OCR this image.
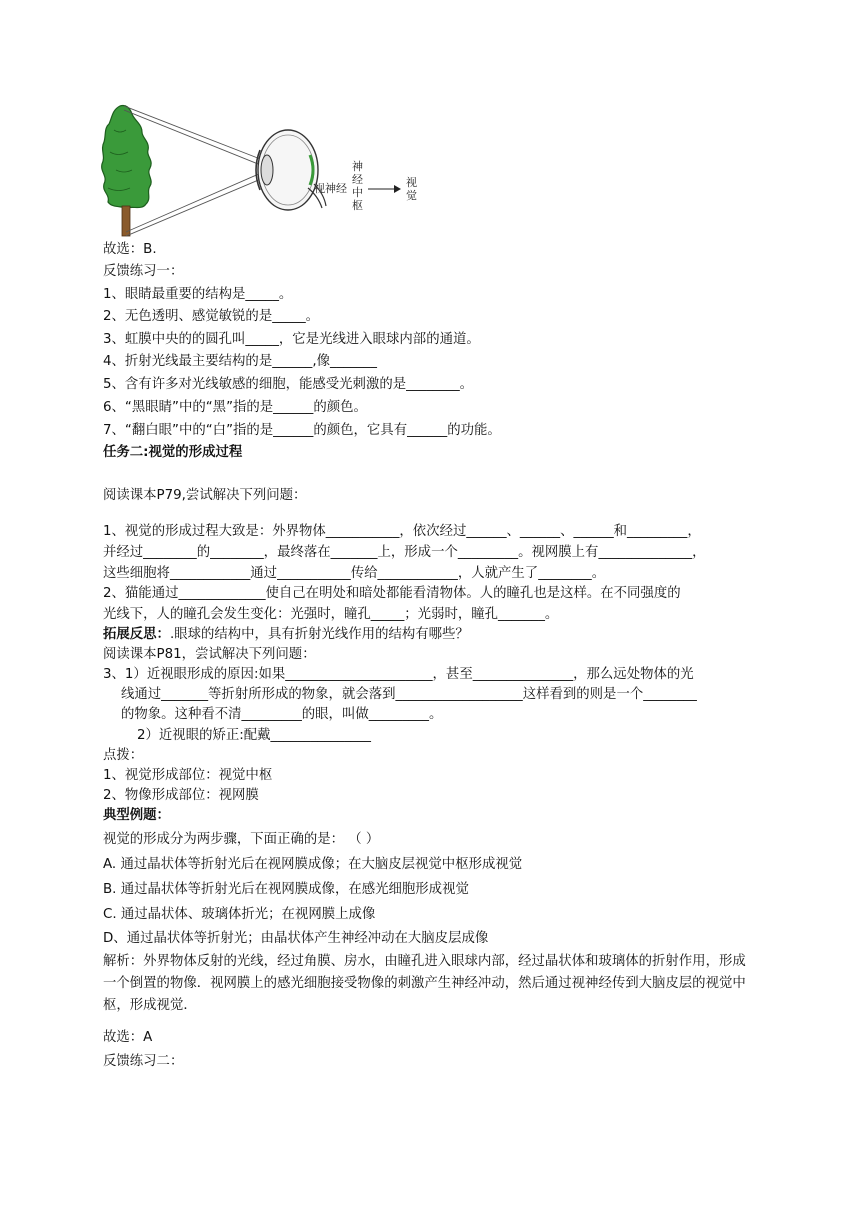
视神经
神
经
中
枢
视
觉
故选：B.
反馈练习一：
1、眼睛最重要的结构是_____。
2、无色透明、感觉敏锐的是_____。
3、虹膜中央的的圆孔叫_____，它是光线进入眼球内部的通道。
4、折射光线最主要结构的是______,像_______
5、含有许多对光线敏感的细胞，能感受光刺激的是________。
6、“黑眼睛”中的“黑”指的是______的颜色。
7、“翻白眼”中的“白”指的是______的颜色，它具有______的功能。
任务二:视觉的形成过程
阅读课本P79,尝试解决下列问题：
1、视觉的形成过程大致是：外界物体___________，依次经过______、______、______和_________，
并经过________的________，最终落在_______上，形成一个_________。视网膜上有______________，
这些细胞将____________通过___________传给____________，人就产生了________。
2、猫能通过_____________使自己在明处和暗处都能看清物体。人的瞳孔也是这样。在不同强度的
光线下，人的瞳孔会发生变化：光强时，瞳孔_____；光弱时，瞳孔_______。
拓展反思：.眼球的结构中，具有折射光线作用的结构有哪些？
阅读课本P81，尝试解决下列问题：
3、1）近视眼形成的原因:如果______________________，甚至_______________，那么远处物体的光
线通过_______等折射所形成的物象，就会落到___________________这样看到的则是一个________
的物象。这种看不清_________的眼，叫做_________。
2）近视眼的矫正:配戴_______________
点拨：
1、视觉形成部位：视觉中枢
2、物像形成部位：视网膜
典型例题：
视觉的形成分为两步骤，下面正确的是： （ ）
A. 通过晶状体等折射光后在视网膜成像；在大脑皮层视觉中枢形成视觉
B. 通过晶状体等折射光后在视网膜成像，在感光细胞形成视觉
C. 通过晶状体、玻璃体折光；在视网膜上成像
D、通过晶状体等折射光；由晶状体产生神经冲动在大脑皮层成像
解析：外界物体反射的光线，经过角膜、房水，由瞳孔进入眼球内部，经过晶状体和玻璃体的折射作用，形成一个倒置的物像．视网膜上的感光细胞接受物像的刺激产生神经冲动，然后通过视神经传到大脑皮层的视觉中枢，形成视觉．
故选：A
反馈练习二：
